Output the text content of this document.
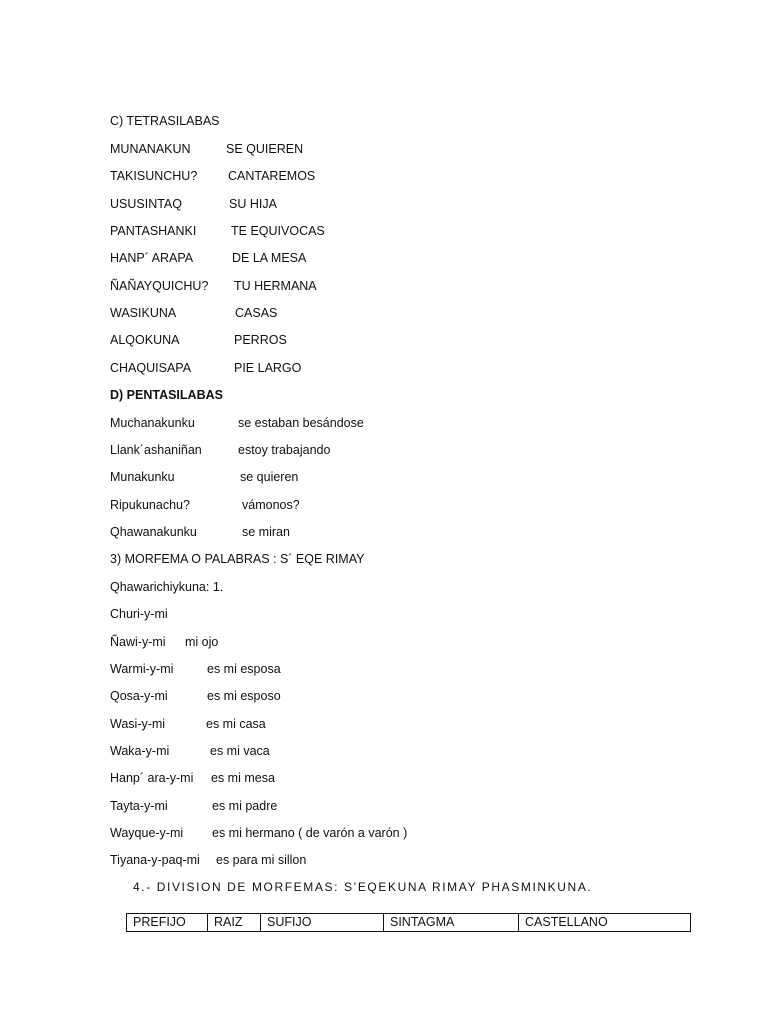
C) TETRASILABAS
MUNANAKUN	SE QUIEREN
TAKISUNCHU? CANTAREMOS
USUSINTAQ	SU HIJA
PANTASHANKI	TE EQUIVOCAS
HANP´ ARAPA	DE LA MESA
ÑAÑAYQUICHU? TU HERMANA
WASIKUNA	CASAS
ALQOKUNA	PERROS
CHAQUISAPA	PIE LARGO
D) PENTASILABAS
Muchanakunku	se estaban besándose
Llank´ashaniñan	estoy trabajando
Munakunku	se quieren
Ripukunachu?	vámonos?
Qhawanakunku	se miran
3) MORFEMA O PALABRAS : S´ EQE RIMAY
Qhawarichiykuna: 1.
Churi-y-mi
Ñawi-y-mi mi ojo
Warmi-y-mi	es mi esposa
Qosa-y-mi	es mi esposo
Wasi-y-mi	es mi casa
Waka-y-mi	es mi vaca
Hanp´ ara-y-mi es mi mesa
Tayta-y-mi	es mi padre
Wayque-y-mi es mi hermano ( de varón a varón )
Tiyana-y-paq-mi es para mi sillon
4.- DIVISION DE MORFEMAS: S’EQEKUNA RIMAY PHASMINKUNA.
PREFIJO	RAIZ	SUFIJO	SINTAGMA	CASTELLANO
